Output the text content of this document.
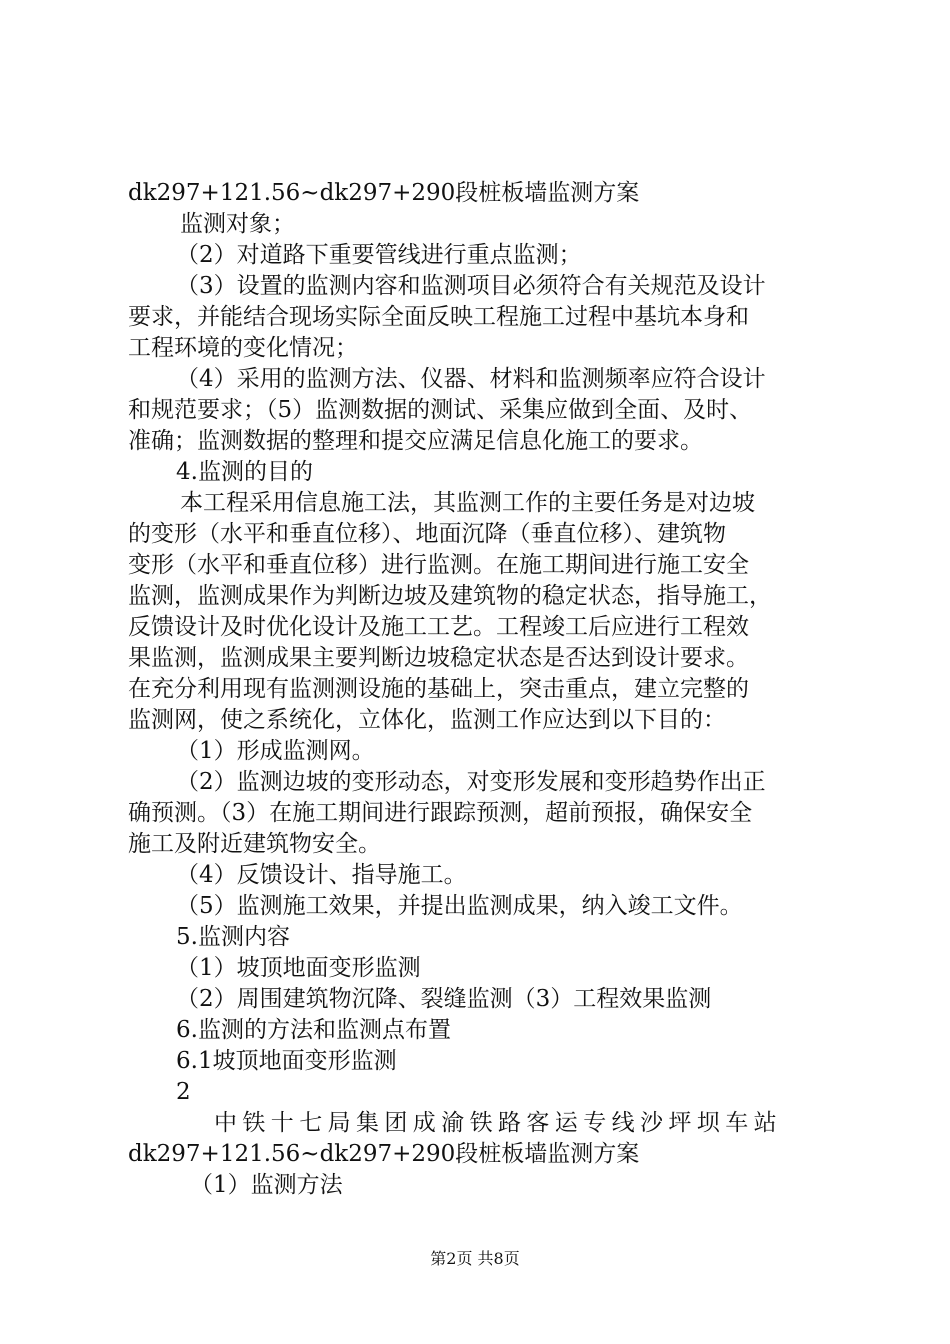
dk297+121.56~dk297+290段桩板墙监测方案
监测对象；
（2）对道路下重要管线进行重点监测；
（3）设置的监测内容和监测项目必须符合有关规范及设计
要求，并能结合现场实际全面反映工程施工过程中基坑本身和
工程环境的变化情况；
（4）采用的监测方法、仪器、材料和监测频率应符合设计
和规范要求；（5）监测数据的测试、采集应做到全面、及时、
准确；监测数据的整理和提交应满足信息化施工的要求。
4.监测的目的
本工程采用信息施工法，其监测工作的主要任务是对边坡
的变形（水平和垂直位移）、地面沉降（垂直位移）、建筑物
变形（水平和垂直位移）进行监测。在施工期间进行施工安全
监测，监测成果作为判断边坡及建筑物的稳定状态，指导施工，
反馈设计及时优化设计及施工工艺。工程竣工后应进行工程效
果监测，监测成果主要判断边坡稳定状态是否达到设计要求。
在充分利用现有监测测设施的基础上，突击重点，建立完整的
监测网，使之系统化，立体化，监测工作应达到以下目的：
（1）形成监测网。
（2）监测边坡的变形动态，对变形发展和变形趋势作出正
确预测。（3）在施工期间进行跟踪预测，超前预报，确保安全
施工及附近建筑物安全。
（4）反馈设计、指导施工。
（5）监测施工效果，并提出监测成果，纳入竣工文件。
5.监测内容
（1）坡顶地面变形监测
（2）周围建筑物沉降、裂缝监测（3）工程效果监测
6.监测的方法和监测点布置
6.1坡顶地面变形监测
2
中铁十七局集团成渝铁路客运专线沙坪坝车站
dk297+121.56~dk297+290段桩板墙监测方案
（1）监测方法
第2页 共8页
